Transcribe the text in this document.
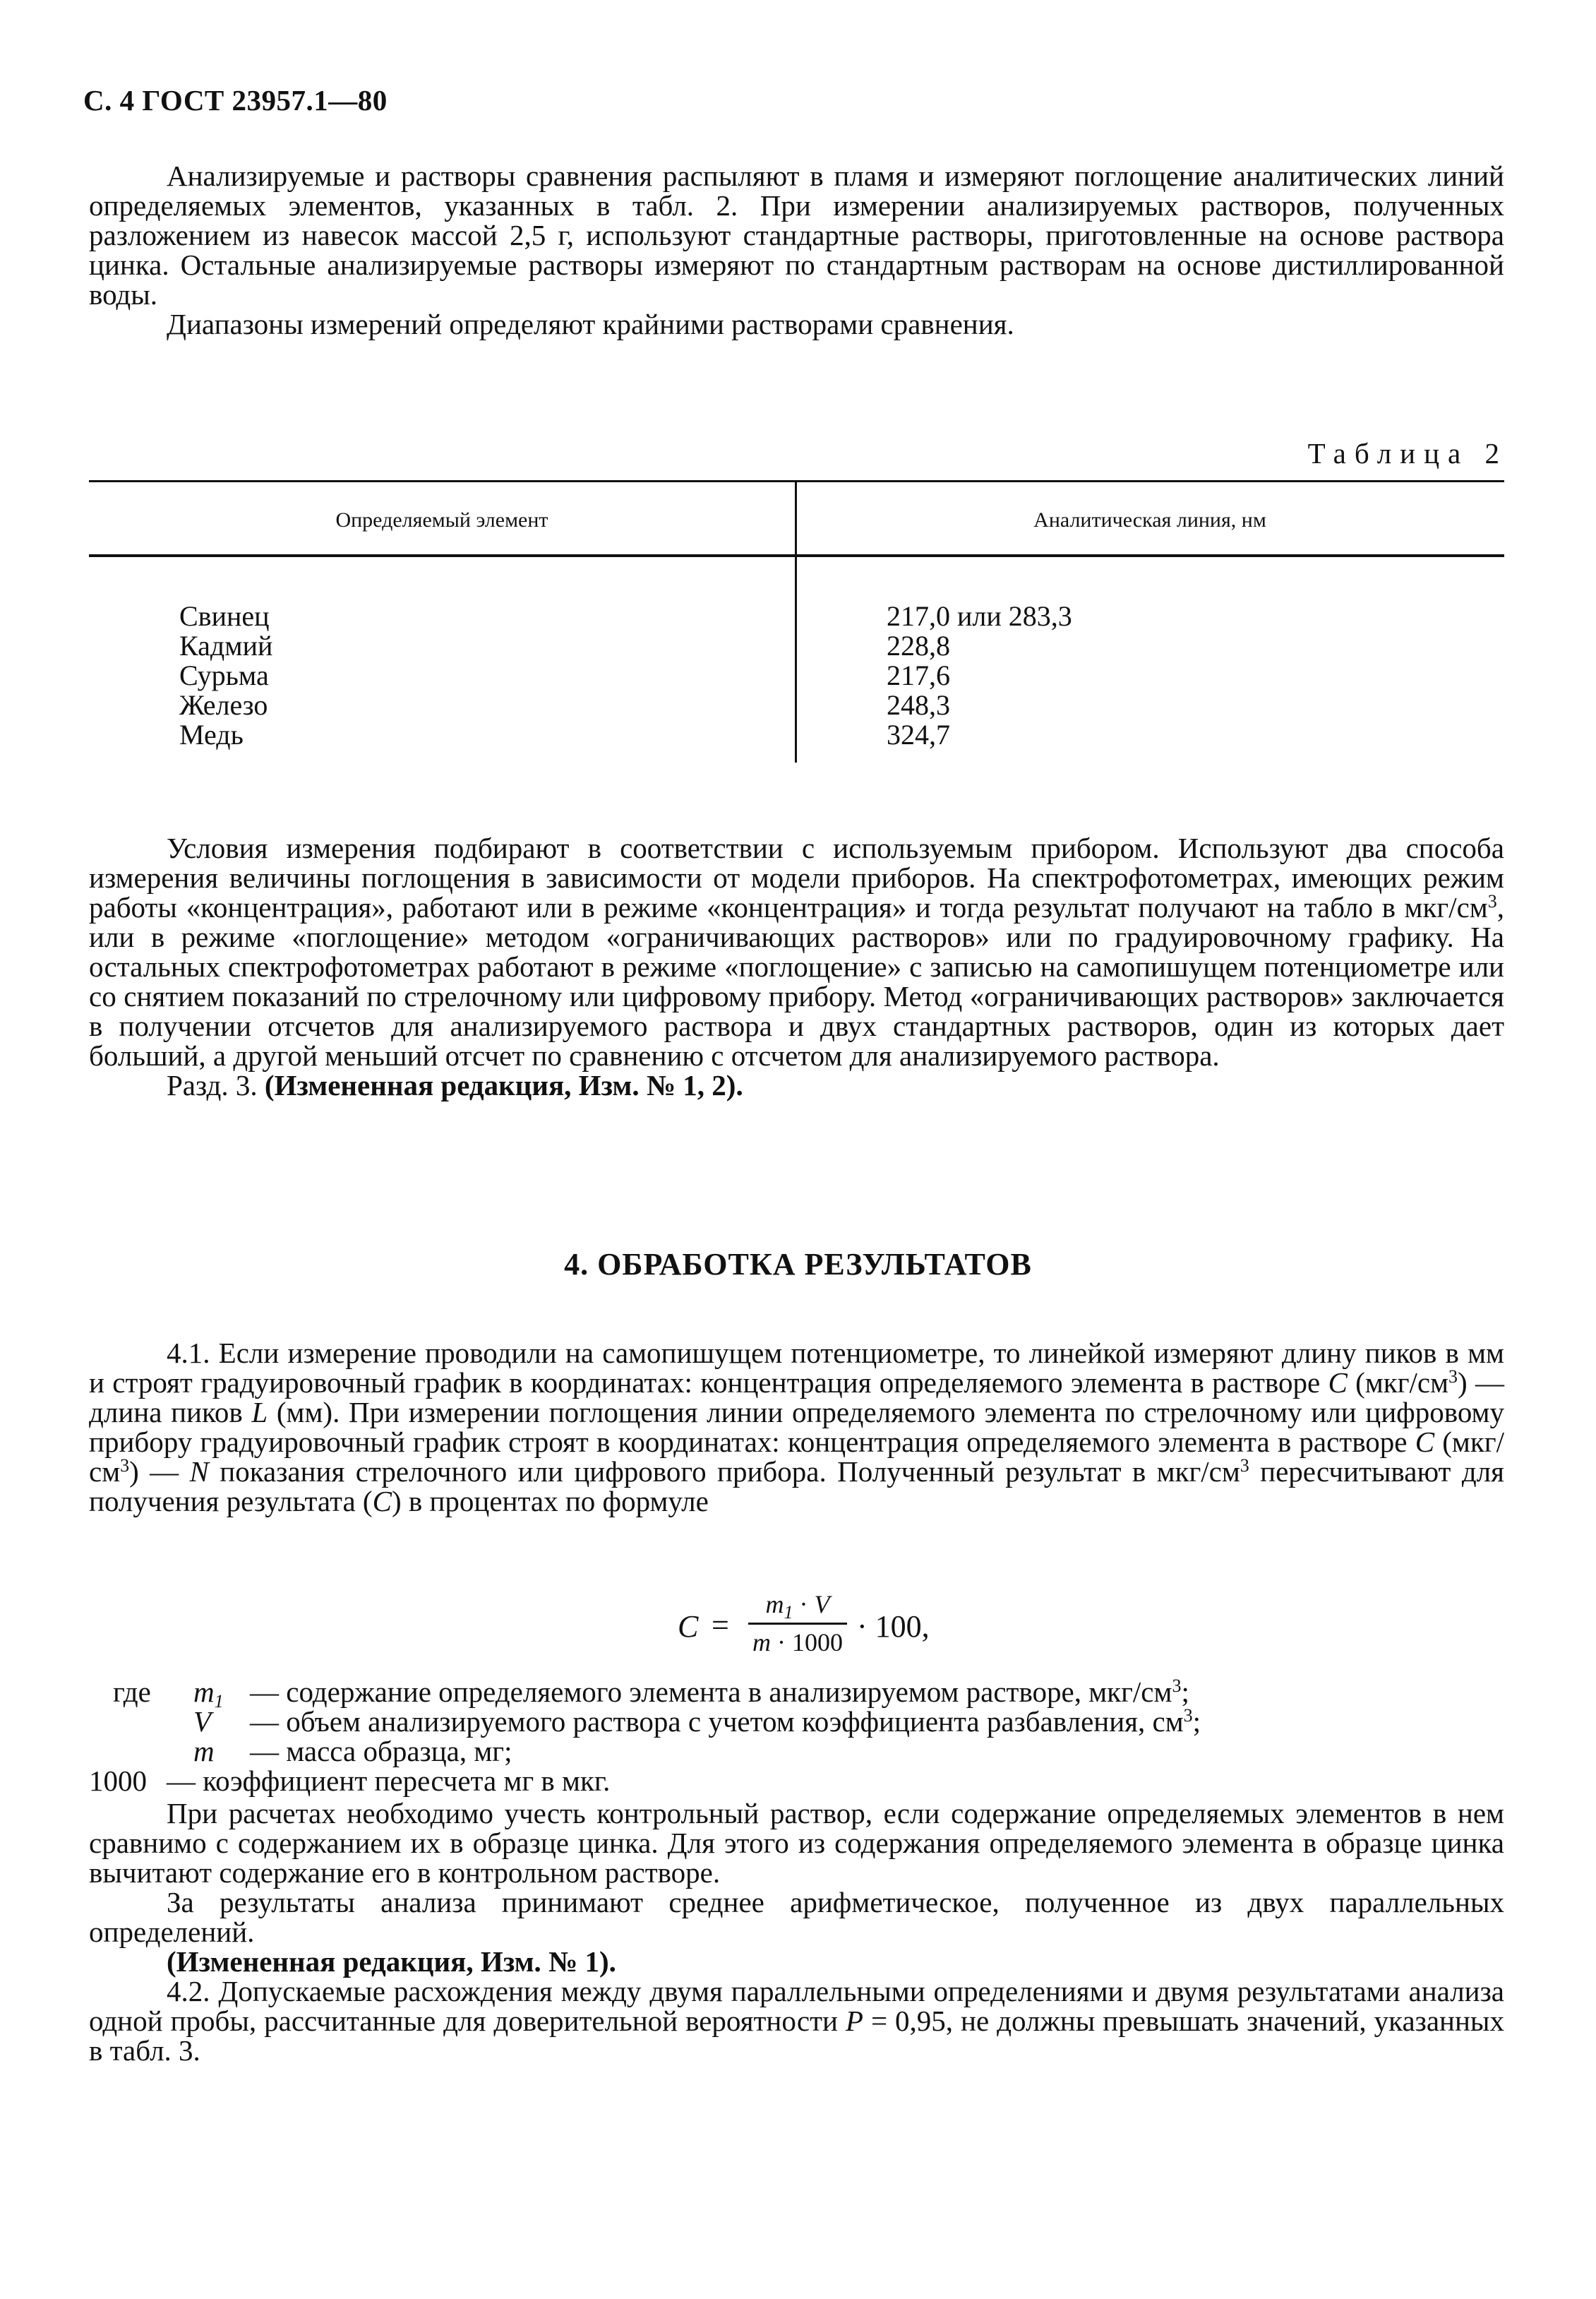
С. 4 ГОСТ 23957.1—80

Анализируемые и растворы сравнения распыляют в пламя и измеряют поглощение аналитических линий определяемых элементов, указанных в табл. 2. При измерении анализируемых растворов, полученных разложением из навесок массой 2,5 г, используют стандартные растворы, приготовленные на основе раствора цинка. Остальные анализируемые растворы измеряют по стандартным растворам на основе дистиллированной воды.

Диапазоны измерений определяют крайними растворами сравнения.

Таблица 2
Определяемый элемент	Аналитическая линия, нм
Свинец
Кадмий
Сурьма
Железо
Медь
217,0 или 283,3
228,8
217,6
248,3
324,7

Условия измерения подбирают в соответствии с используемым прибором. Используют два способа измерения величины поглощения в зависимости от модели приборов. На спектрофотометрах, имеющих режим работы «концентрация», работают или в режиме «концентрация» и тогда результат получают на табло в мкг/$см^3$, или в режиме «поглощение» методом «ограничивающих растворов» или по градуировочному графику. На остальных спектрофотометрах работают в режиме «поглощение» с записью на самопишущем потенциометре или со снятием показаний по стрелочному или цифровому прибору. Метод «ограничивающих растворов» заключается в получении отсчетов для анализируемого раствора и двух стандартных растворов, один из которых дает больший, а другой меньший отсчет по сравнению с отсчетом для анализируемого раствора.

Разд. 3. (Измененная редакция, Изм. № 1, 2).

4. ОБРАБОТКА РЕЗУЛЬТАТОВ

4.1. Если измерение проводили на самопишущем потенциометре, то линейкой измеряют длину пиков в мм и строят градуировочный график в координатах: концентрация определяемого элемента в растворе C $(мкг/см^3)$ — длина пиков L (мм). При измерении поглощения линии определяемого элемента по стрелочному или цифровому прибору градуировочный график строят в координатах: концентрация определяемого элемента в растворе C $(мкг/см^3)$ — N показания стрелочного или цифрового прибора. Полученный результат в мкг/$см^3$ пересчитывают для получения результата (C) в процентах по формуле

C =
$m_1 \cdot V$
m · 1000 · 100,
где $m_1$ — содержание определяемого элемента в анализируемом растворе, мкг/$см^3$;
V — объем анализируемого раствора с учетом коэффициента разбавления, $см^3$;
m — масса образца, мг;
1000 — коэффициент пересчета мг в мкг.

При расчетах необходимо учесть контрольный раствор, если содержание определяемых элементов в нем сравнимо с содержанием их в образце цинка. Для этого из содержания определяемого элемента в образце цинка вычитают содержание его в контрольном растворе.

За результаты анализа принимают среднее арифметическое, полученное из двух параллельных определений.

(Измененная редакция, Изм. № 1).

4.2. Допускаемые расхождения между двумя параллельными определениями и двумя результатами анализа одной пробы, рассчитанные для доверительной вероятности P = 0,95, не должны превышать значений, указанных в табл. 3.
